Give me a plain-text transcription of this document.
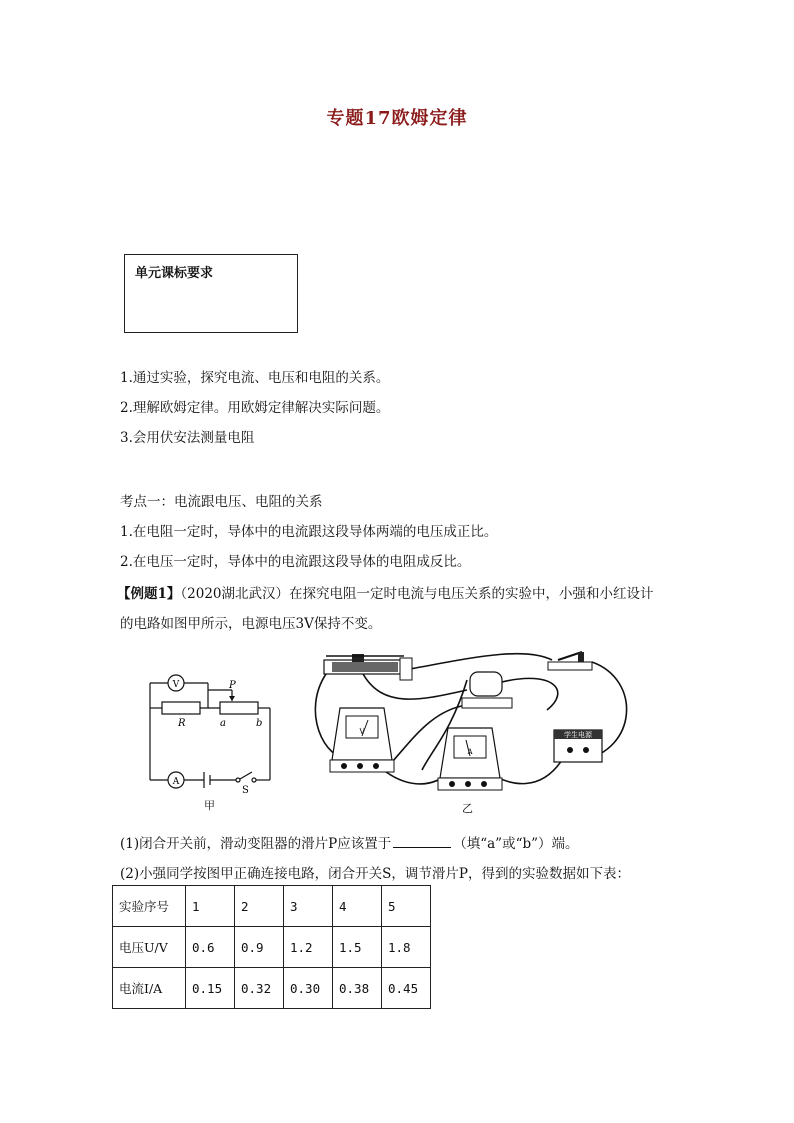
专题17欧姆定律
单元课标要求
1.通过实验，探究电流、电压和电阻的关系。
2.理解欧姆定律。用欧姆定律解决实际问题。
3.会用伏安法测量电阻
考点一：电流跟电压、电阻的关系
1.在电阻一定时，导体中的电流跟这段导体两端的电压成正比。
2.在电压一定时，导体中的电流跟这段导体的电阻成反比。
【例题1】（2020湖北武汉）在探究电阻一定时电流与电压关系的实验中，小强和小红设计
的电路如图甲所示，电源电压3V保持不变。
V
A
R
P
a	b
S
甲
V
A
学生电源
乙
(1)闭合开关前，滑动变阻器的滑片P应该置于	（填“a”或“b”）端。
(2)小强同学按图甲正确连接电路，闭合开关S，调节滑片P，得到的实验数据如下表：
实验序号	1	2	3	4	5
电压U/V	0.6	0.9	1.2	1.5	1.8
电流I/A	0.15	0.32	0.30	0.38	0.45
